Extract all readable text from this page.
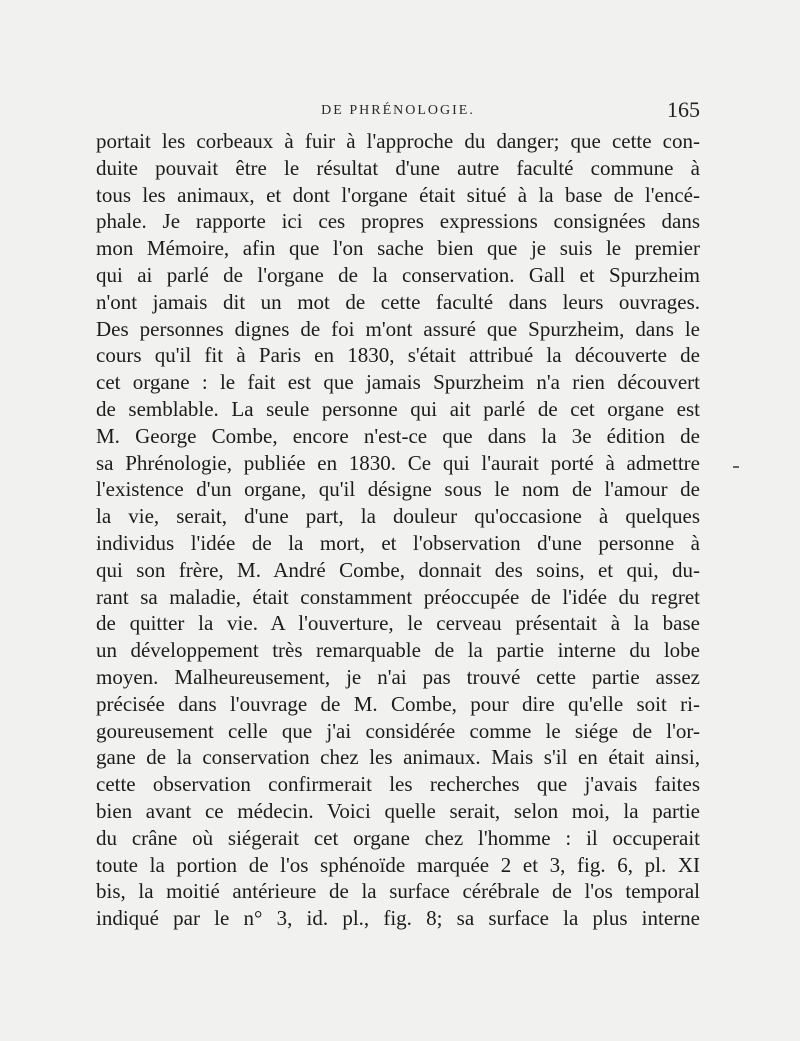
DE PHRÉNOLOGIE.	165
portait les corbeaux à fuir à l'approche du danger; que cette con-
duite pouvait être le résultat d'une autre faculté commune à
tous les animaux, et dont l'organe était situé à la base de l'encé-
phale. Je rapporte ici ces propres expressions consignées dans
mon Mémoire, afin que l'on sache bien que je suis le premier
qui ai parlé de l'organe de la conservation. Gall et Spurzheim
n'ont jamais dit un mot de cette faculté dans leurs ouvrages.
Des personnes dignes de foi m'ont assuré que Spurzheim, dans le
cours qu'il fit à Paris en 1830, s'était attribué la découverte de
cet organe : le fait est que jamais Spurzheim n'a rien découvert
de semblable. La seule personne qui ait parlé de cet organe est
M. George Combe, encore n'est-ce que dans la 3e édition de
sa Phrénologie, publiée en 1830. Ce qui l'aurait porté à admettre
l'existence d'un organe, qu'il désigne sous le nom de l'amour de
la vie, serait, d'une part, la douleur qu'occasione à quelques
individus l'idée de la mort, et l'observation d'une personne à
qui son frère, M. André Combe, donnait des soins, et qui, du-
rant sa maladie, était constamment préoccupée de l'idée du regret
de quitter la vie. A l'ouverture, le cerveau présentait à la base
un développement très remarquable de la partie interne du lobe
moyen. Malheureusement, je n'ai pas trouvé cette partie assez
précisée dans l'ouvrage de M. Combe, pour dire qu'elle soit ri-
goureusement celle que j'ai considérée comme le siége de l'or-
gane de la conservation chez les animaux. Mais s'il en était ainsi,
cette observation confirmerait les recherches que j'avais faites
bien avant ce médecin. Voici quelle serait, selon moi, la partie
du crâne où siégerait cet organe chez l'homme : il occuperait
toute la portion de l'os sphénoïde marquée 2 et 3, fig. 6, pl. XI
bis, la moitié antérieure de la surface cérébrale de l'os temporal
indiqué par le n° 3, id. pl., fig. 8; sa surface la plus interne
